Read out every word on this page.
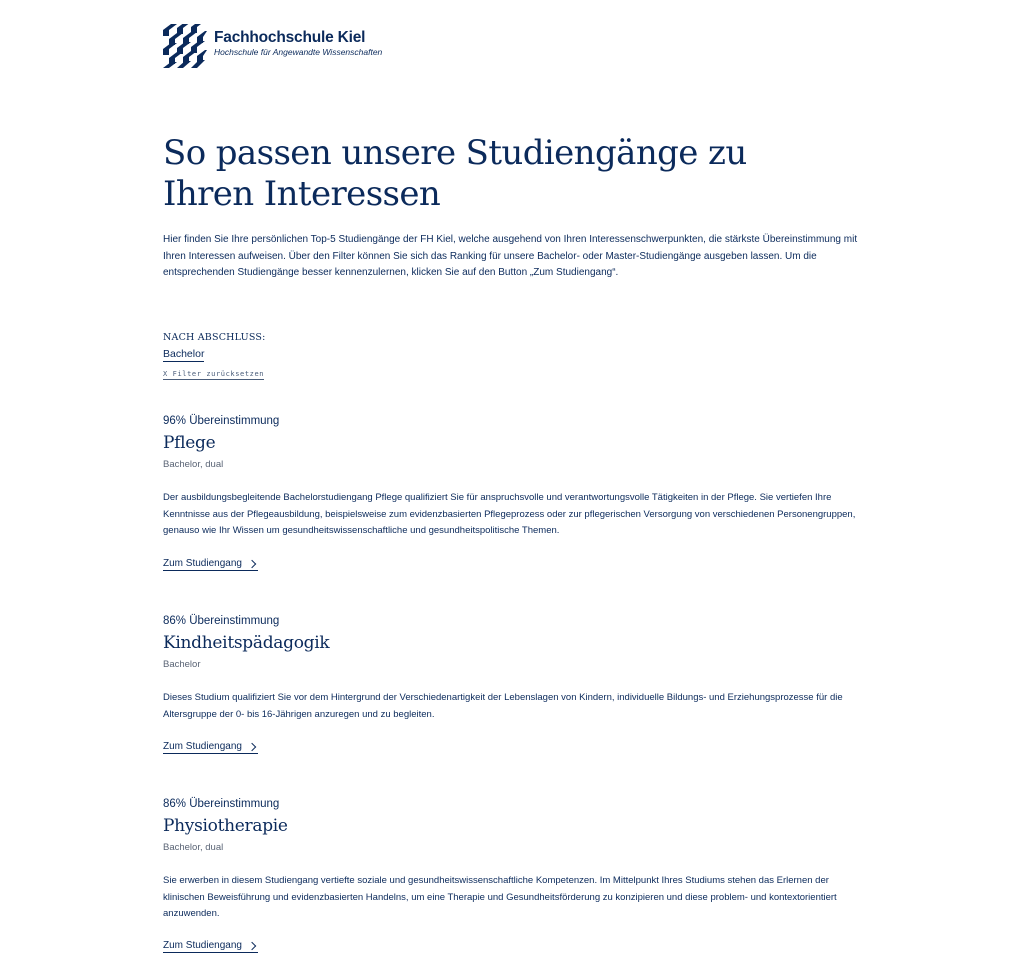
Fachhochschule Kiel
Hochschule für Angewandte Wissenschaften
So passen unsere Studiengänge zu Ihren Interessen

Hier finden Sie Ihre persönlichen Top-5 Studiengänge der FH Kiel, welche ausgehend von Ihren Interessenschwerpunkten, die stärkste Übereinstimmung mit Ihren Interessen aufweisen. Über den Filter können Sie sich das Ranking für unsere Bachelor- oder Master-Studiengänge ausgeben lassen. Um die entsprechenden Studiengänge besser kennenzulernen, klicken Sie auf den Button „Zum Studiengang“.

NACH ABSCHLUSS:
Bachelor
X Filter zurücksetzen
96% Übereinstimmung
Pflege
Bachelor, dual
Der ausbildungsbegleitende Bachelorstudiengang Pflege qualifiziert Sie für anspruchsvolle und verantwortungsvolle Tätigkeiten in der Pflege. Sie vertiefen Ihre Kenntnisse aus der Pflegeausbildung, beispielsweise zum evidenzbasierten Pflegeprozess oder zur pflegerischen Versorgung von verschiedenen Personengruppen, genauso wie Ihr Wissen um gesundheitswissenschaftliche und gesundheitspolitische Themen.
Zum Studiengang
86% Übereinstimmung
Kindheitspädagogik
Bachelor
Dieses Studium qualifiziert Sie vor dem Hintergrund der Verschiedenartigkeit der Lebenslagen von Kindern, individuelle Bildungs- und Erziehungsprozesse für die Altersgruppe der 0- bis 16-Jährigen anzuregen und zu begleiten.
Zum Studiengang
86% Übereinstimmung
Physiotherapie
Bachelor, dual
Sie erwerben in diesem Studiengang vertiefte soziale und gesundheitswissenschaftliche Kompetenzen. Im Mittelpunkt Ihres Studiums stehen das Erlernen der klinischen Beweisführung und evidenzbasierten Handelns, um eine Therapie und Gesundheitsförderung zu konzipieren und diese problem- und kontextorientiert anzuwenden.
Zum Studiengang
